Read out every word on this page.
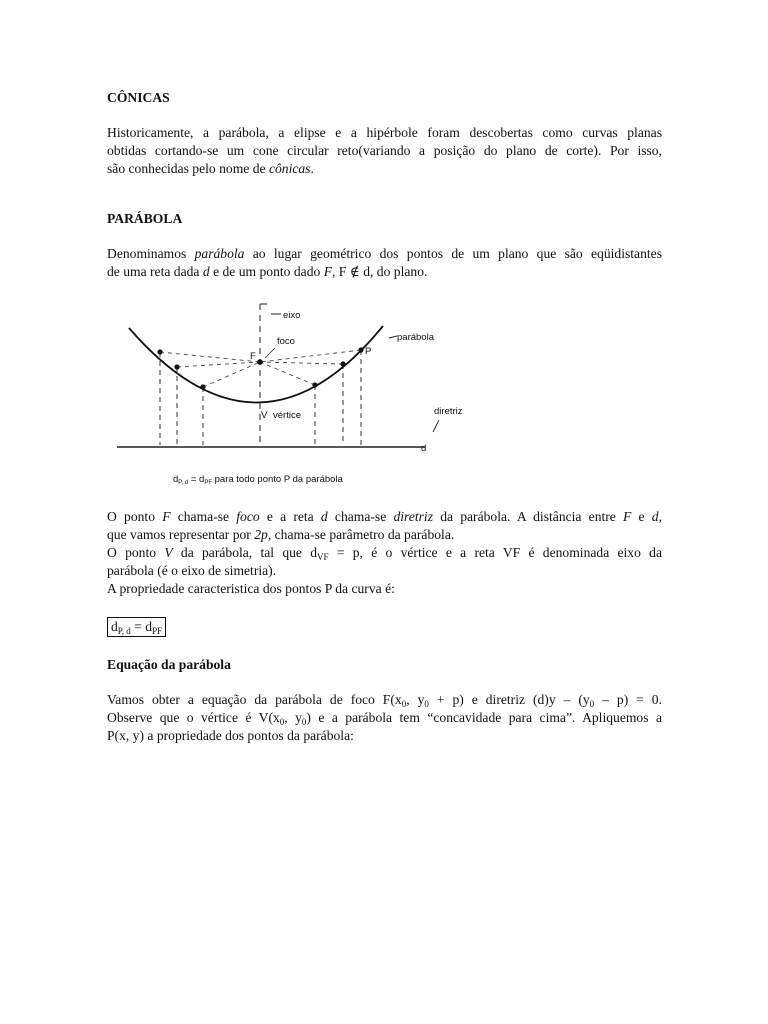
CÔNICAS
Historicamente, a parábola, a elipse e a hipérbole foram descobertas como curvas planas
obtidas cortando-se um cone circular reto(variando a posição do plano de corte). Por isso,
são conhecidas pelo nome de cônicas.
PARÁBOLA
Denominamos parábola ao lugar geométrico dos pontos de um plano que são eqüidistantes
de uma reta dada d e de um ponto dado F, F ∉ d, do plano.
eixo
foco	parábola
F	P
V vértice	diretriz
d
$d_{P, d} = d_{PF}$ para todo ponto P da parábola
O ponto F chama-se foco e a reta d chama-se diretriz da parábola. A distância entre F e d,
que vamos representar por 2p, chama-se parâmetro da parábola.
O ponto V da parábola, tal que $d_{VF} = p$, é o vértice e a reta VF é denominada eixo da
parábola (é o eixo de simetria).
A propriedade caracteristica dos pontos P da curva é:
$d_{P, d} = d_{PF}$
Equação da parábola
Vamos obter a equação da parábola de foco $F(x_0$, $y_0 + p$) e diretriz $(d)y - (y_0 - p) = 0$.
Observe que o vértice é $V(x_0$, $y_0$) e a parábola tem “concavidade para cima”. Apliquemos a
P(x, y) a propriedade dos pontos da parábola:
